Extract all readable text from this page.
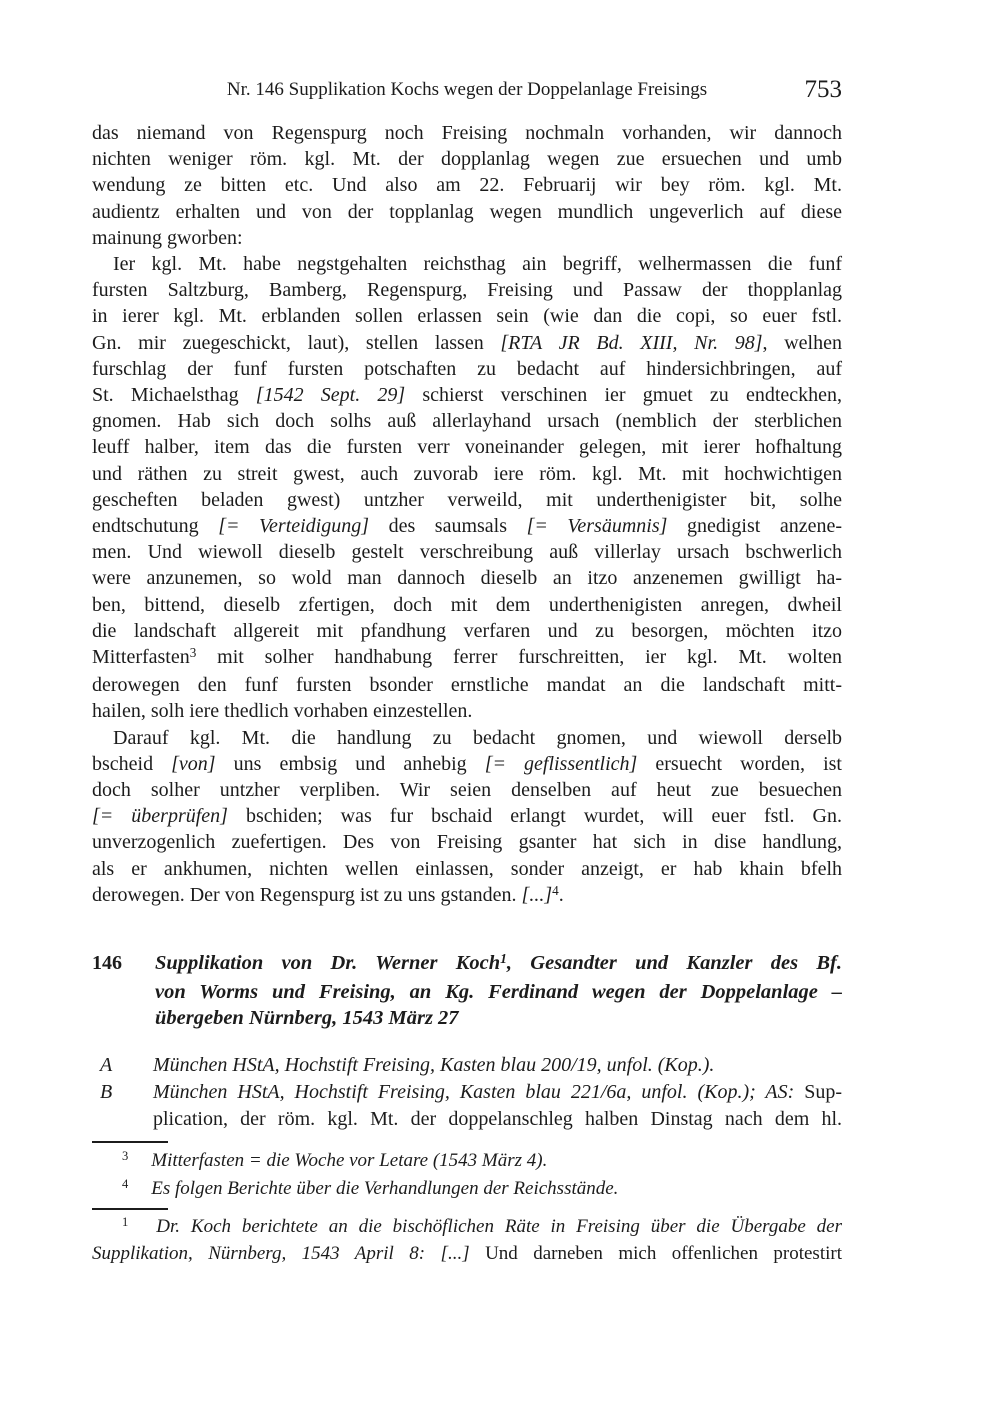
Nr. 146 Supplikation Kochs wegen der Doppelanlage Freisings	753
das niemand von Regenspurg noch Freising nochmaln vorhanden, wir dannoch
nichten weniger röm. kgl. Mt. der dopplanlag wegen zue ersuechen und umb
wendung ze bitten etc. Und also am 22. Februarij wir bey röm. kgl. Mt.
audientz erhalten und von der topplanlag wegen mundlich ungeverlich auf diese
mainung gworben:
Ier kgl. Mt. habe negstgehalten reichsthag ain begriff, welhermassen die funf
fursten Saltzburg, Bamberg, Regenspurg, Freising und Passaw der thopplanlag
in ierer kgl. Mt. erblanden sollen erlassen sein (wie dan die copi, so euer fstl.
Gn. mir zuegeschickt, laut), stellen lassen [RTA JR Bd. XIII, Nr. 98], welhen
furschlag der funf fursten potschaften zu bedacht auf hindersichbringen, auf
St. Michaelsthag [1542 Sept. 29] schierst verschinen ier gmuet zu endteckhen,
gnomen. Hab sich doch solhs auß allerlayhand ursach (nemblich der sterblichen
leuff halber, item das die fursten verr voneinander gelegen, mit ierer hofhaltung
und räthen zu streit gwest, auch zuvorab iere röm. kgl. Mt. mit hochwichtigen
gescheften beladen gwest) untzher verweild, mit underthenigister bit, solhe
endtschutung [= Verteidigung] des saumsals [= Versäumnis] gnedigist anzene-
men. Und wiewoll dieselb gestelt verschreibung auß villerlay ursach bschwerlich
were anzunemen, so wold man dannoch dieselb an itzo anzenemen gwilligt ha-
ben, bittend, dieselb zfertigen, doch mit dem underthenigisten anregen, dwheil
die landschaft allgereit mit pfandhung verfaren und zu besorgen, möchten itzo
Mitterfasten$^3$ mit solher handhabung ferrer furschreitten, ier kgl. Mt. wolten
derowegen den funf fursten bsonder ernstliche mandat an die landschaft mitt-
hailen, solh iere thedlich vorhaben einzestellen.
Darauf kgl. Mt. die handlung zu bedacht gnomen, und wiewoll derselb
bscheid [von] uns embsig und anhebig [= geflissentlich] ersuecht worden, ist
doch solher untzher verpliben. Wir seien denselben auf heut zue besuechen
[= überprüfen] bschiden; was fur bschaid erlangt wurdet, will euer fstl. Gn.
unverzogenlich zuefertigen. Des von Freising gsanter hat sich in dise handlung,
als er ankhumen, nichten wellen einlassen, sonder anzeigt, er hab khain bfelh
derowegen. Der von Regenspurg ist zu uns gstanden. [...]$^4$.
146	Supplikation von Dr. Werner Koch$^1$, Gesandter und Kanzler des Bf.
von Worms und Freising, an Kg. Ferdinand wegen der Doppelanlage –
übergeben Nürnberg, 1543 März 27
A	München HStA, Hochstift Freising, Kasten blau 200/19, unfol. (Kop.).
B	München HStA, Hochstift Freising, Kasten blau 221/6a, unfol. (Kop.); AS: Sup-
plication, der röm. kgl. Mt. der doppelanschleg halben Dinstag nach dem hl.
$^3$ Mitterfasten = die Woche vor Letare (1543 März 4).
$^4$ Es folgen Berichte über die Verhandlungen der Reichsstände.
$^1$ Dr. Koch berichtete an die bischöflichen Räte in Freising über die Übergabe der
Supplikation, Nürnberg, 1543 April 8: [...] Und darneben mich offenlichen protestirt
